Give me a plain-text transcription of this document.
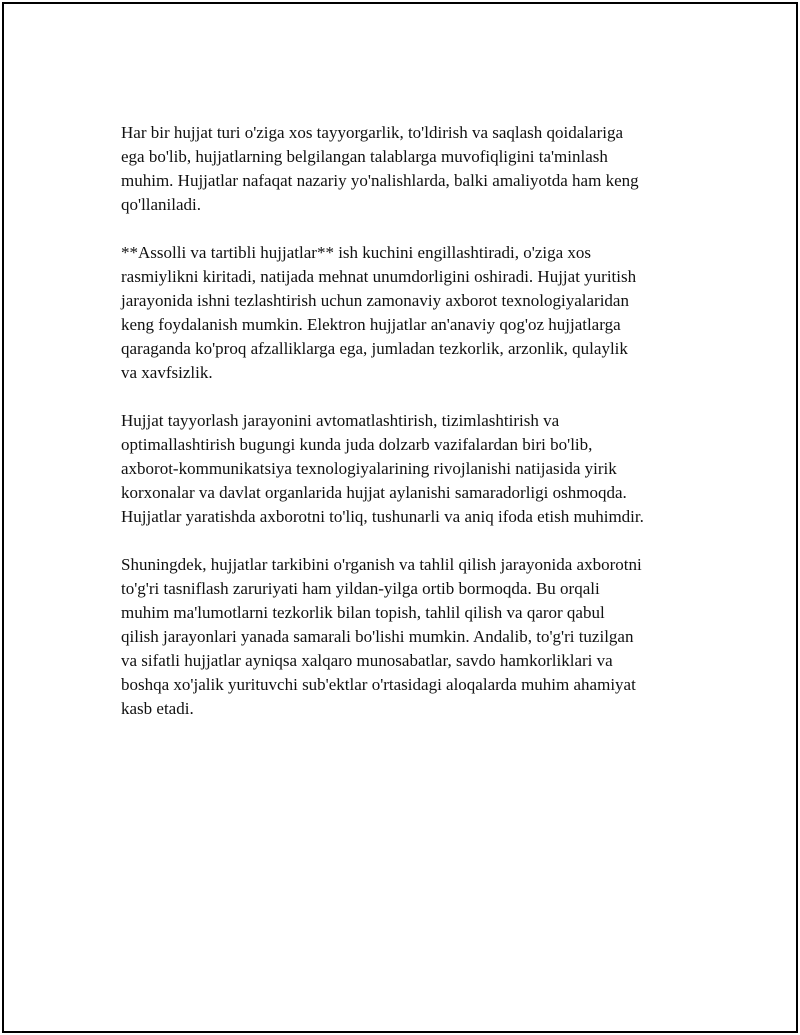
Har bir hujjat turi o'ziga xos tayyorgarlik, to'ldirish va saqlash qoidalariga
ega bo'lib, hujjatlarning belgilangan talablarga muvofiqligini ta'minlash
muhim. Hujjatlar nafaqat nazariy yo'nalishlarda, balki amaliyotda ham keng
qo'llaniladi.

**Assolli va tartibli hujjatlar** ish kuchini engillashtiradi, o'ziga xos
rasmiylikni kiritadi, natijada mehnat unumdorligini oshiradi. Hujjat yuritish
jarayonida ishni tezlashtirish uchun zamonaviy axborot texnologiyalaridan
keng foydalanish mumkin. Elektron hujjatlar an'anaviy qog'oz hujjatlarga
qaraganda ko'proq afzalliklarga ega, jumladan tezkorlik, arzonlik, qulaylik
va xavfsizlik.

Hujjat tayyorlash jarayonini avtomatlashtirish, tizimlashtirish va
optimallashtirish bugungi kunda juda dolzarb vazifalardan biri bo'lib,
axborot-kommunikatsiya texnologiyalarining rivojlanishi natijasida yirik
korxonalar va davlat organlarida hujjat aylanishi samaradorligi oshmoqda.
Hujjatlar yaratishda axborotni to'liq, tushunarli va aniq ifoda etish muhimdir.

Shuningdek, hujjatlar tarkibini o'rganish va tahlil qilish jarayonida axborotni
to'g'ri tasniflash zaruriyati ham yildan-yilga ortib bormoqda. Bu orqali
muhim ma'lumotlarni tezkorlik bilan topish, tahlil qilish va qaror qabul
qilish jarayonlari yanada samarali bo'lishi mumkin. Andalib, to'g'ri tuzilgan
va sifatli hujjatlar ayniqsa xalqaro munosabatlar, savdo hamkorliklari va
boshqa xo'jalik yurituvchi sub'ektlar o'rtasidagi aloqalarda muhim ahamiyat
kasb etadi.
